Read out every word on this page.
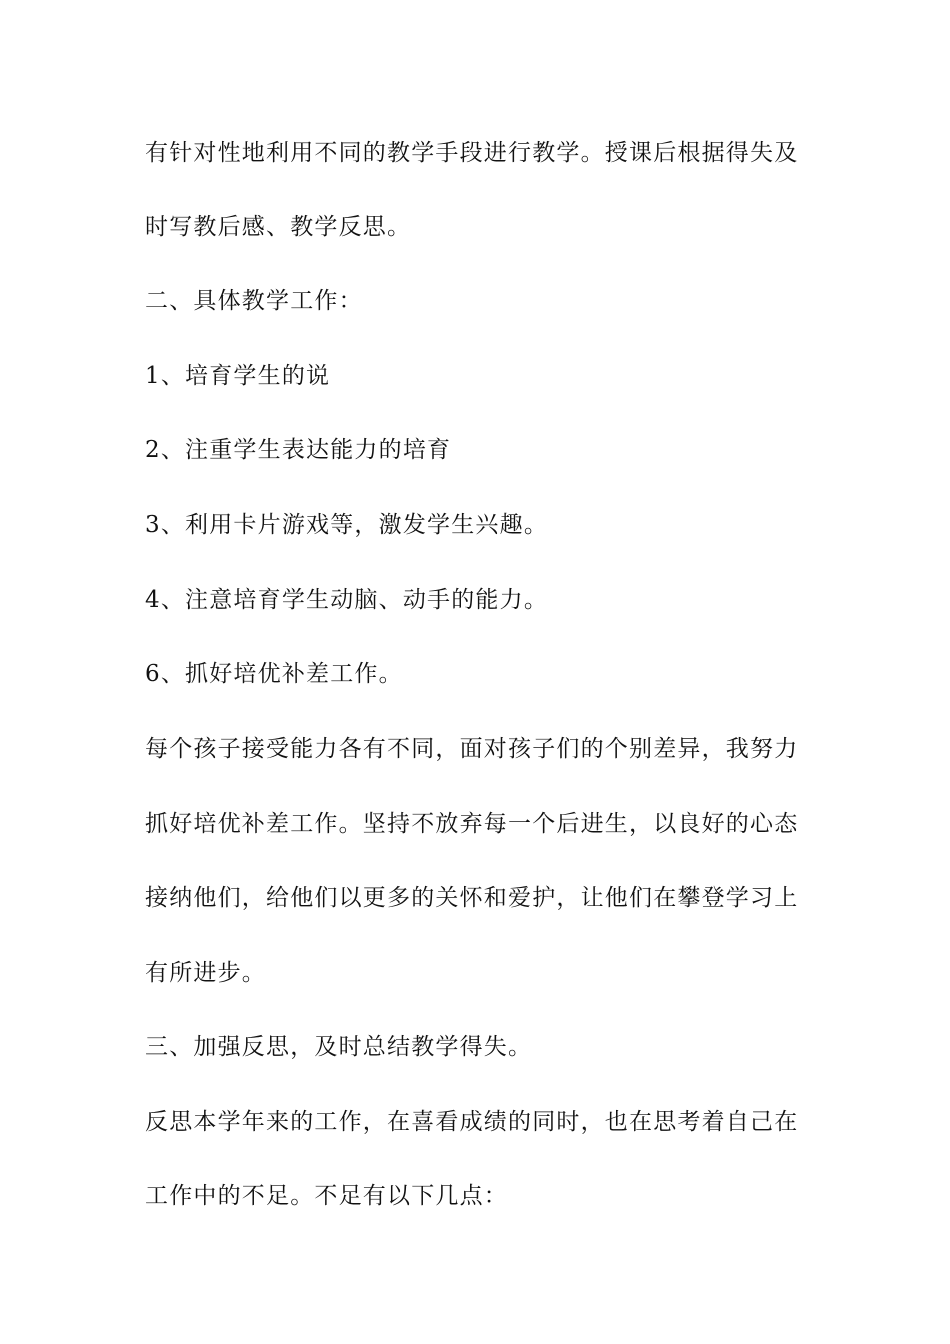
有针对性地利用不同的教学手段进行教学。授课后根据得失及
时写教后感、教学反思。
二、具体教学工作：
1、培育学生的说
2、注重学生表达能力的培育
3、利用卡片游戏等，激发学生兴趣。
4、注意培育学生动脑、动手的能力。
6、抓好培优补差工作。
每个孩子接受能力各有不同，面对孩子们的个别差异，我努力
抓好培优补差工作。坚持不放弃每一个后进生，以良好的心态
接纳他们，给他们以更多的关怀和爱护，让他们在攀登学习上
有所进步。
三、加强反思，及时总结教学得失。
反思本学年来的工作，在喜看成绩的同时，也在思考着自己在
工作中的不足。不足有以下几点：
